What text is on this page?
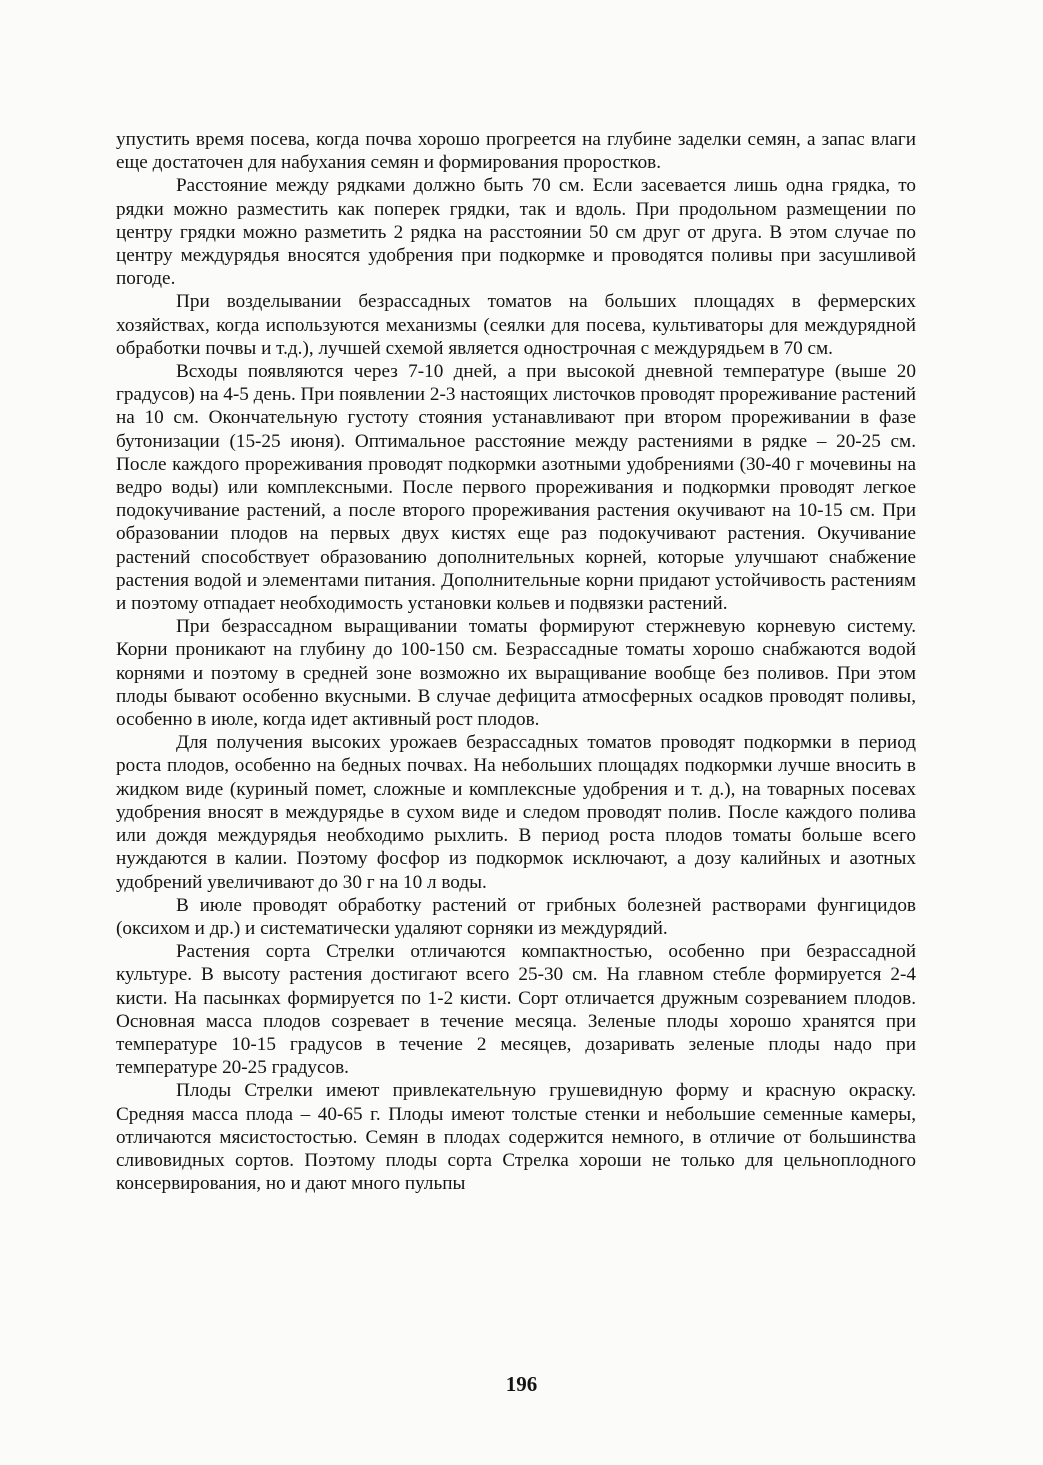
упустить время посева, когда почва хорошо прогреется на глубине заделки семян, а запас влаги еще достаточен для набухания семян и формирования проростков.

Расстояние между рядками должно быть 70 см. Если засевается лишь одна грядка, то рядки можно разместить как поперек грядки, так и вдоль. При продольном размещении по центру грядки можно разметить 2 рядка на расстоянии 50 см друг от друга. В этом случае по центру междурядья вносятся удобрения при подкормке и проводятся поливы при засушливой погоде.

При возделывании безрассадных томатов на больших площадях в фермерских хозяйствах, когда используются механизмы (сеялки для посева, культиваторы для междурядной обработки почвы и т.д.), лучшей схемой является однострочная с междурядьем в 70 см.

Всходы появляются через 7-10 дней, а при высокой дневной температуре (выше 20 градусов) на 4-5 день. При появлении 2-3 настоящих листочков проводят прореживание растений на 10 см. Окончательную густоту стояния устанавливают при втором прореживании в фазе бутонизации (15-25 июня). Оптимальное расстояние между растениями в рядке – 20-25 см. После каждого прореживания проводят подкормки азотными удобрениями (30-40 г мочевины на ведро воды) или комплексными. После первого прореживания и подкормки проводят легкое подокучивание растений, а после второго прореживания растения окучивают на 10-15 см. При образовании плодов на первых двух кистях еще раз подокучивают растения. Окучивание растений способствует образованию дополнительных корней, которые улучшают снабжение растения водой и элементами питания. Дополнительные корни придают устойчивость растениям и поэтому отпадает необходимость установки кольев и подвязки растений.

При безрассадном выращивании томаты формируют стержневую корневую систему. Корни проникают на глубину до 100-150 см. Безрассадные томаты хорошо снабжаются водой корнями и поэтому в средней зоне возможно их выращивание вообще без поливов. При этом плоды бывают особенно вкусными. В случае дефицита атмосферных осадков проводят поливы, особенно в июле, когда идет активный рост плодов.

Для получения высоких урожаев безрассадных томатов проводят подкормки в период роста плодов, особенно на бедных почвах. На небольших площадях подкормки лучше вносить в жидком виде (куриный помет, сложные и комплексные удобрения и т. д.), на товарных посевах удобрения вносят в междурядье в сухом виде и следом проводят полив. После каждого полива или дождя междурядья необходимо рыхлить. В период роста плодов томаты больше всего нуждаются в калии. Поэтому фосфор из подкормок исключают, а дозу калийных и азотных удобрений увеличивают до 30 г на 10 л воды.

В июле проводят обработку растений от грибных болезней растворами фунгицидов (оксихом и др.) и систематически удаляют сорняки из междурядий.

Растения сорта Стрелки отличаются компактностью, особенно при безрассадной культуре. В высоту растения достигают всего 25-30 см. На главном стебле формируется 2-4 кисти. На пасынках формируется по 1-2 кисти. Сорт отличается дружным созреванием плодов. Основная масса плодов созревает в течение месяца. Зеленые плоды хорошо хранятся при температуре 10-15 градусов в течение 2 месяцев, дозаривать зеленые плоды надо при температуре 20-25 градусов.

Плоды Стрелки имеют привлекательную грушевидную форму и красную окраску. Средняя масса плода – 40-65 г. Плоды имеют толстые стенки и небольшие семенные камеры, отличаются мясистостостью. Семян в плодах содержится немного, в отличие от большинства сливовидных сортов. Поэтому плоды сорта Стрелка хороши не только для цельноплодного консервирования, но и дают много пульпы

196
